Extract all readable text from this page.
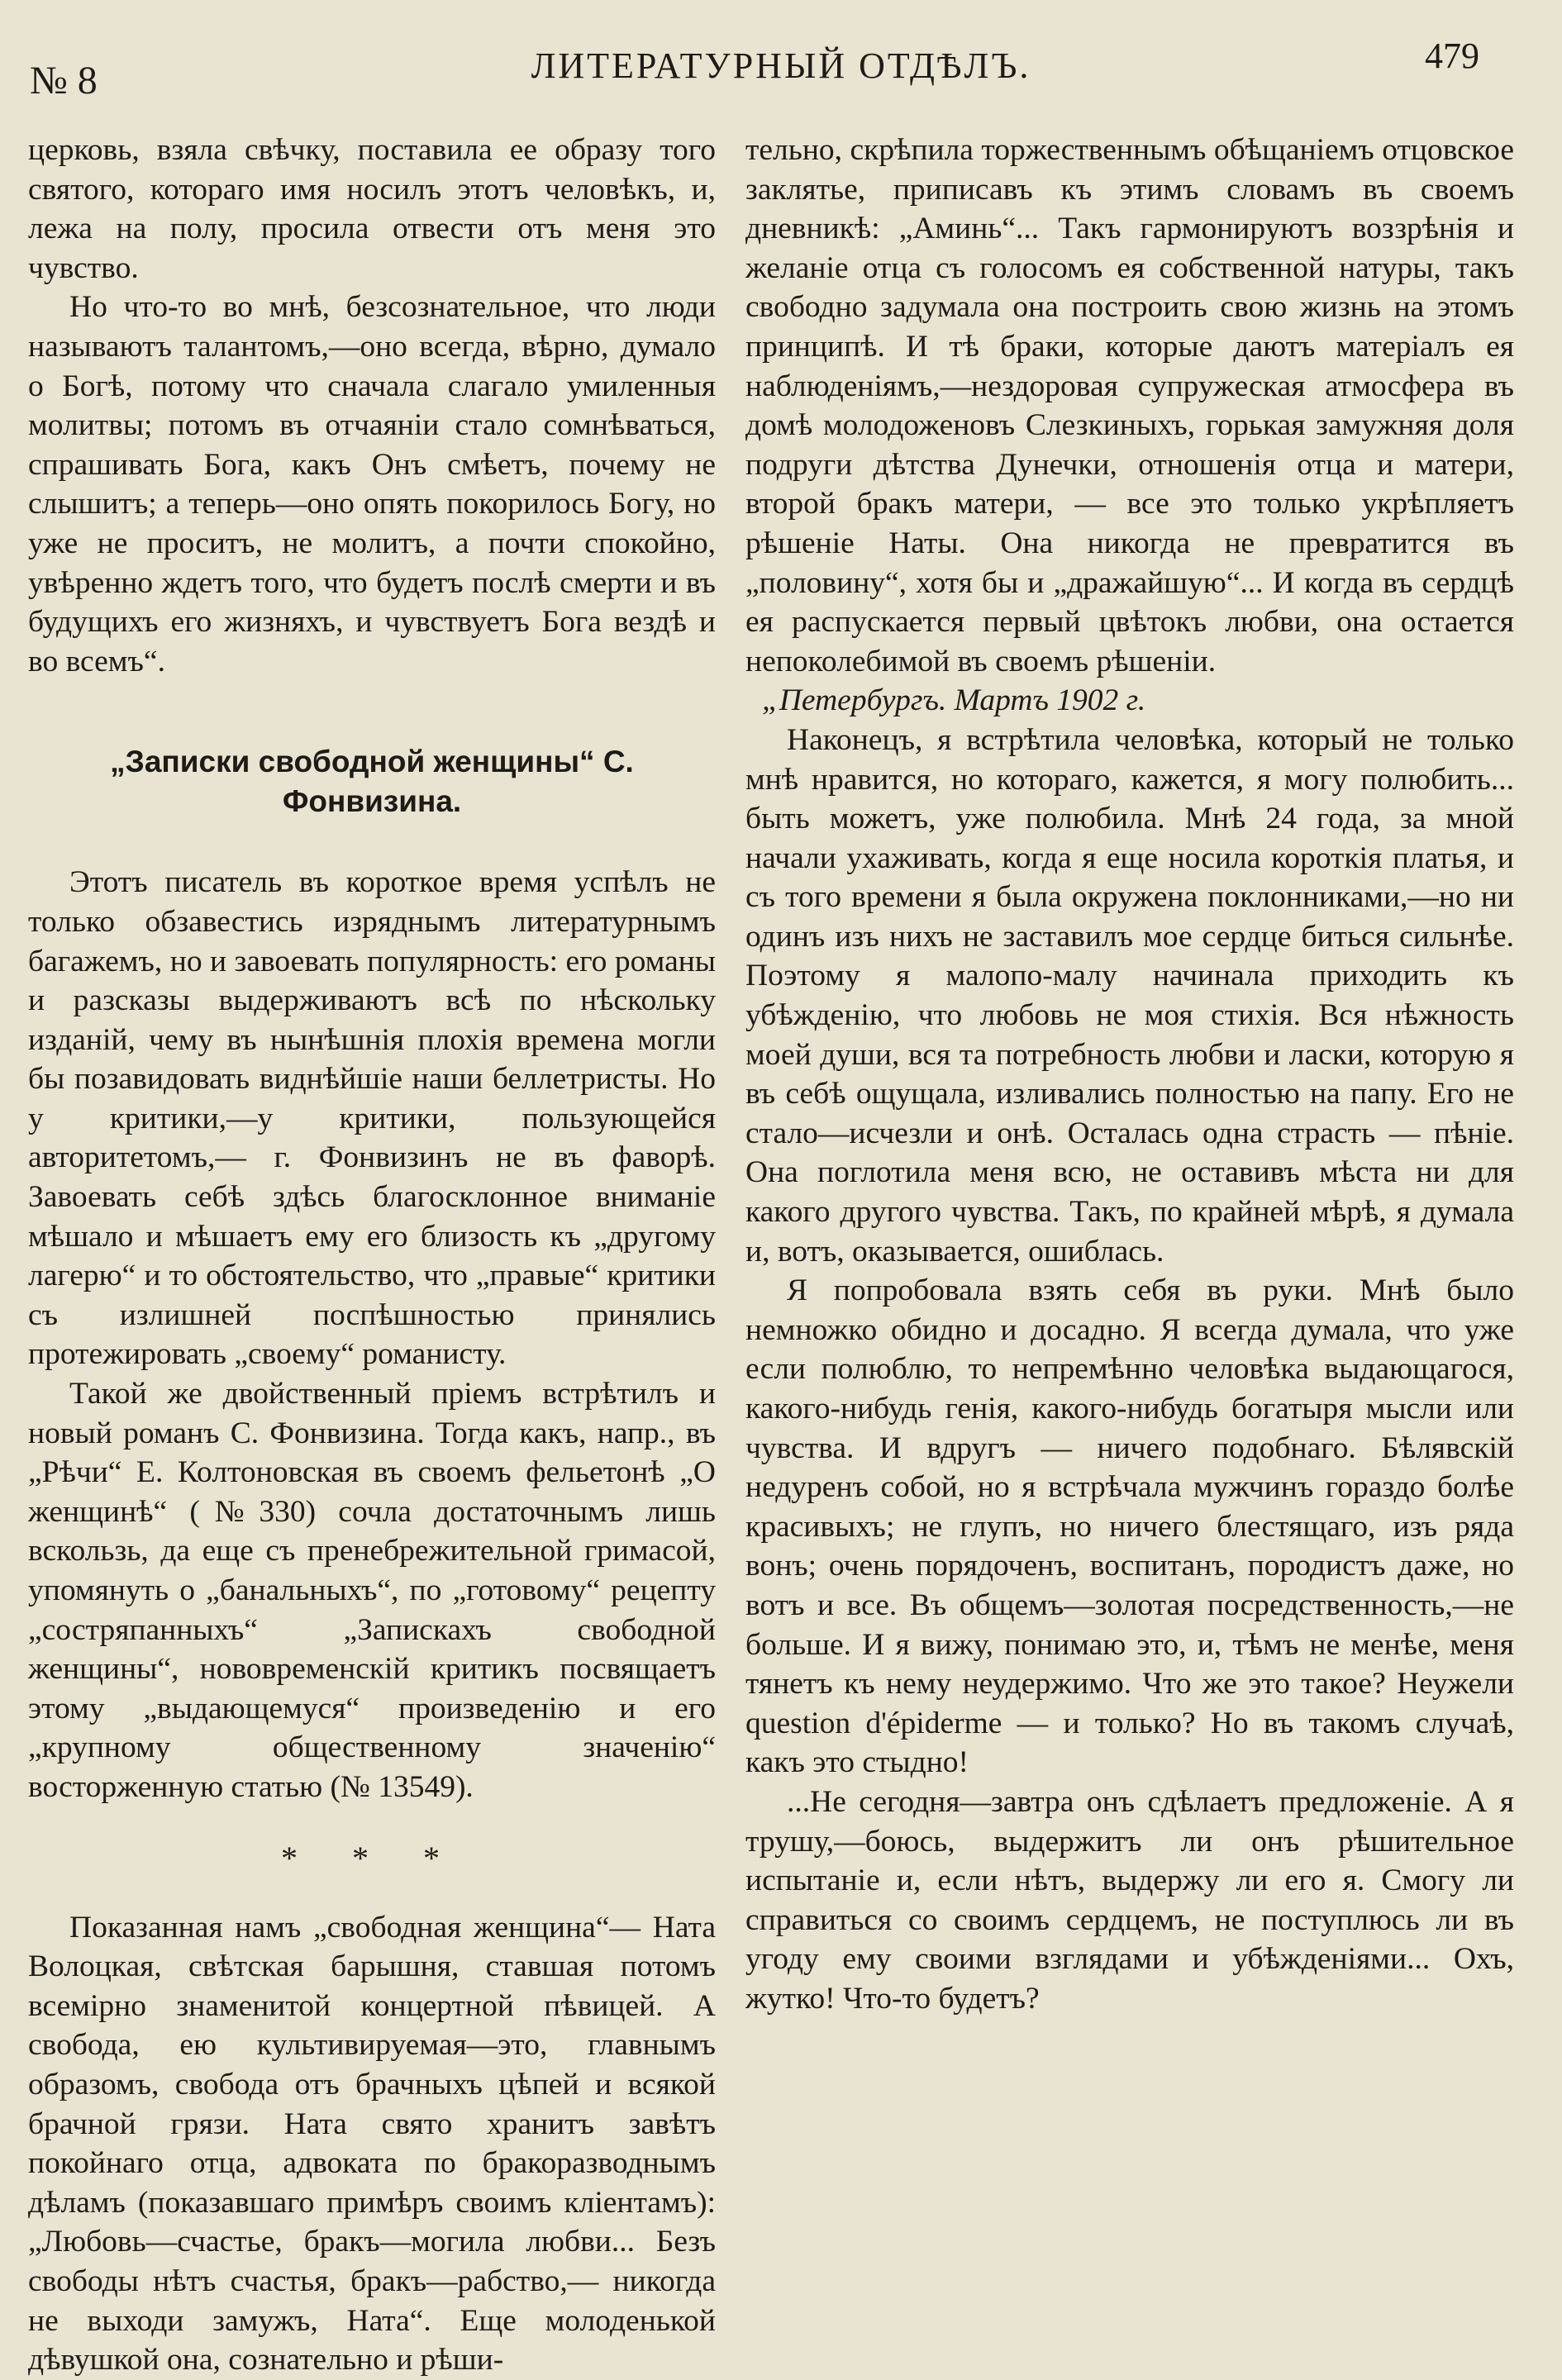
№ 8	ЛИТЕРАТУРНЫЙ ОТДѢЛЪ.	479

церковь, взяла свѣчку, поставила ее образу того святого, котораго имя носилъ этотъ человѣкъ, и, лежа на полу, просила отвести отъ меня это чувство.

Но что-то во мнѣ, безсознательное, что люди называютъ талантомъ,—оно всегда, вѣрно, думало о Богѣ, потому что сначала слагало умиленныя молитвы; потомъ въ отчаяніи стало сомнѣваться, спрашивать Бога, какъ Онъ смѣетъ, почему не слышитъ; а теперь—оно опять покорилось Богу, но уже не проситъ, не молитъ, а почти спокойно, увѣренно ждетъ того, что будетъ послѣ смерти и въ будущихъ его жизняхъ, и чувствуетъ Бога вездѣ и во всемъ“.

„Записки свободной женщины“ С. Фонвизина.

Этотъ писатель въ короткое время успѣлъ не только обзавестись изряднымъ литературнымъ багажемъ, но и завоевать популярность: его романы и разсказы выдерживаютъ всѣ по нѣскольку изданій, чему въ нынѣшнія плохія времена могли бы позавидовать виднѣйшіе наши беллетристы. Но у критики,—у критики, пользующейся авторитетомъ,— г. Фонвизинъ не въ фаворѣ. Завоевать себѣ здѣсь благосклонное вниманіе мѣшало и мѣшаетъ ему его близость къ „другому лагерю“ и то обстоятельство, что „правые“ критики съ излишней поспѣшностью принялись протежировать „своему“ романисту.

Такой же двойственный пріемъ встрѣтилъ и новый романъ С. Фонвизина. Тогда какъ, напр., въ „Рѣчи“ Е. Колтоновская въ своемъ фельетонѣ „О женщинѣ“ (№330) сочла достаточнымъ лишь вскользь, да еще съ пренебрежительной гримасой, упомянуть о „банальныхъ“, по „готовому“ рецепту „состряпанныхъ“ „Запискахъ свободной женщины“, нововременскій критикъ посвящаетъ этому „выдающемуся“ произведенію и его „крупному общественному значенію“ восторженную статью (№ 13549).

* * *

Показанная намъ „свободная женщина“— Ната Волоцкая, свѣтская барышня, ставшая потомъ всемірно знаменитой концертной пѣвицей. А свобода, ею культивируемая—это, главнымъ образомъ, свобода отъ брачныхъ цѣпей и всякой брачной грязи. Ната свято хранитъ завѣтъ покойнаго отца, адвоката по бракоразводнымъ дѣламъ (показавшаго примѣръ своимъ кліентамъ):„Любовь—счастье, бракъ—могила любви... Безъ свободы нѣтъ счастья, бракъ—рабство,— никогда не выходи замужъ, Ната“. Еще молоденькой дѣвушкой она, сознательно и рѣши-

тельно, скрѣпила торжественнымъ обѣщаніемъ отцовское заклятье, приписавъ къ этимъ словамъ въ своемъ дневникѣ: „Аминь“... Такъ гармонируютъ воззрѣнія и желаніе отца съ голосомъ ея собственной натуры, такъ свободно задумала она построить свою жизнь на этомъ принципѣ. И тѣ браки, которые даютъ матеріалъ ея наблюденіямъ,—нездоровая супружеская атмосфера въ домѣ молодоженовъ Слезкиныхъ, горькая замужняя доля подруги дѣтства Дунечки, отношенія отца и матери, второй бракъ матери, — все это только укрѣпляетъ рѣшеніе Наты. Она никогда не превратится въ „половину“, хотя бы и „дражайшую“... И когда въ сердцѣ ея распускается первый цвѣтокъ любви, она остается непоколебимой въ своемъ рѣшеніи.

„Петербургъ. Мартъ 1902 г.

Наконецъ, я встрѣтила человѣка, который не только мнѣ нравится, но котораго, кажется, я могу полюбить... быть можетъ, уже полюбила. Мнѣ 24 года, за мной начали ухаживать, когда я еще носила короткія платья, и съ того времени я была окружена поклонниками,—но ни одинъ изъ нихъ не заставилъ мое сердце биться сильнѣе. Поэтому я малопо-малу начинала приходить къ убѣжденію, что любовь не моя стихія. Вся нѣжность моей души, вся та потребность любви и ласки, которую я въ себѣ ощущала, изливались полностью на папу. Его не стало—исчезли и онѣ. Осталась одна страсть — пѣніе. Она поглотила меня всю, не оставивъ мѣста ни для какого другого чувства. Такъ, по крайней мѣрѣ, я думала и, вотъ, оказывается, ошиблась.

Я попробовала взять себя въ руки. Мнѣ было немножко обидно и досадно. Я всегда думала, что уже если полюблю, то непремѣнно человѣка выдающагося, какого-нибудь генія, какого-нибудь богатыря мысли или чувства. И вдругъ — ничего подобнаго. Бѣлявскій недуренъ собой, но я встрѣчала мужчинъ гораздо болѣе красивыхъ; не глупъ, но ничего блестящаго, изъ ряда вонъ; очень порядоченъ, воспитанъ, породистъ даже, но вотъ и все. Въ общемъ—золотая посредственность,—не больше. И я вижу, понимаю это, и, тѣмъ не менѣе, меня тянетъ къ нему неудержимо. Что же это такое? Неужели question d'épiderme — и только? Но въ такомъ случаѣ, какъ это стыдно!

...Не сегодня—завтра онъ сдѣлаетъ предложеніе. А я трушу,—боюсь, выдержитъ ли онъ рѣшительное испытаніе и, если нѣтъ, выдержу ли его я. Смогу ли справиться со своимъ сердцемъ, не поступлюсь ли въ угоду ему своими взглядами и убѣжденіями... Охъ, жутко! Что-то будетъ?
